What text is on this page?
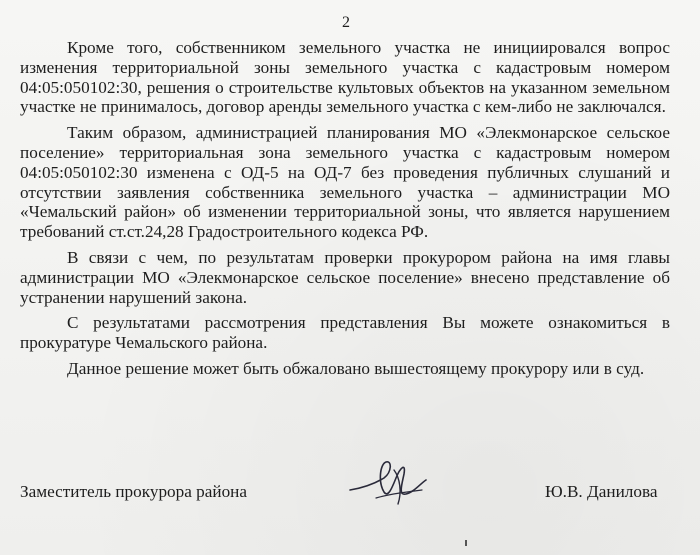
2

Кроме того, собственником земельного участка не инициировался вопрос изменения территориальной зоны земельного участка с кадастровым номером 04:05:050102:30, решения о строительстве культовых объектов на указанном земельном участке не принималось, договор аренды земельного участка с кем-либо не заключался.

Таким образом, администрацией планирования МО «Элекмонарское сельское поселение» территориальная зона земельного участка с кадастровым номером 04:05:050102:30 изменена с ОД-5 на ОД-7 без проведения публичных слушаний и отсутствии заявления собственника земельного участка – администрации МО «Чемальский район» об изменении территориальной зоны, что является нарушением требований ст.ст.24,28 Градостроительного кодекса РФ.

В связи с чем, по результатам проверки прокурором района на имя главы администрации МО «Элекмонарское сельское поселение» внесено представление об устранении нарушений закона.

С результатами рассмотрения представления Вы можете ознакомиться в прокуратуре Чемальского района.

Данное решение может быть обжаловано вышестоящему прокурору или в суд.

Заместитель прокурора района	Ю.В. Данилова
